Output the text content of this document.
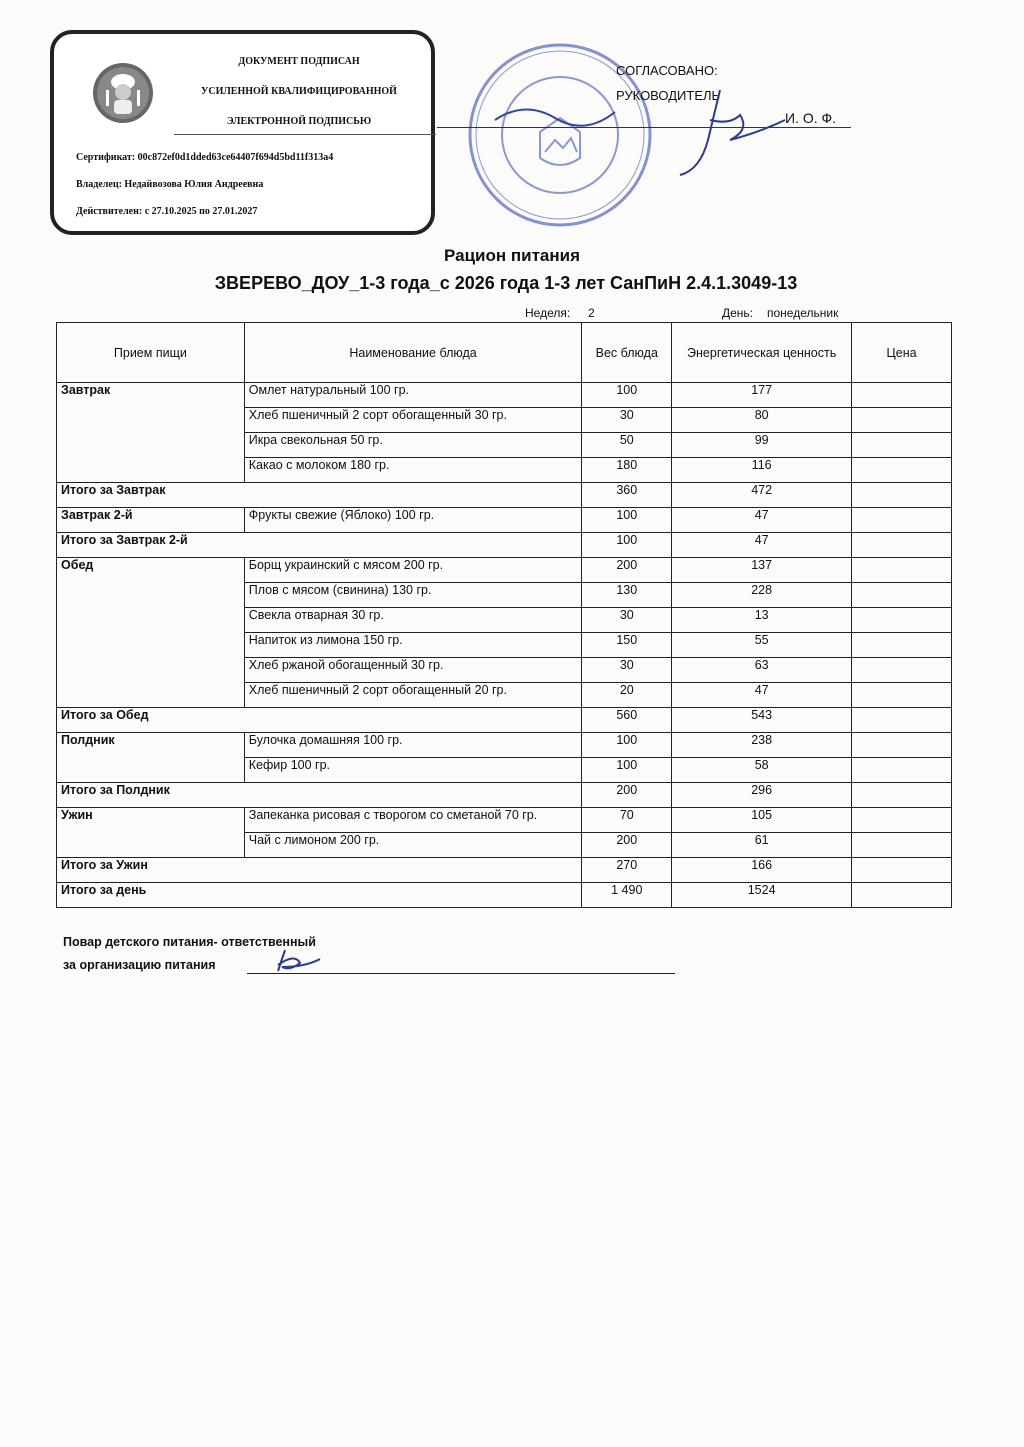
ДОКУМЕНТ ПОДПИСАН
УСИЛЕННОЙ КВАЛИФИЦИРОВАННОЙ
ЭЛЕКТРОННОЙ ПОДПИСЬЮ
Сертификат: 00c872ef0d1dded63ce64407f694d5bd11f313a4
Владелец: Недайвозова Юлия Андреевна
Действителен: с 27.10.2025 по 27.01.2027
СОГЛАСОВАНО:
РУКОВОДИТЕЛЬ
И. О. Ф.
Рацион питания
ЗВЕРЕВО_ДОУ_1-3 года_с 2026 года 1-3 лет СанПиН 2.4.1.3049-13
Неделя: 2	День: понедельник
Прием пищи	Наименование блюда	Вес блюда	Энергетическая ценность	Цена
Завтрак	Омлет натуральный 100 гр.	100	177	
	Хлеб пшеничный 2 сорт обогащенный 30 гр.	30	80	
	Икра свекольная 50 гр.	50	99	
	Какао с молоком 180 гр.	180	116	
Итого за Завтрак		360	472	
Завтрак 2-й	Фрукты свежие (Яблоко) 100 гр.	100	47	
Итого за Завтрак 2-й		100	47	
Обед	Борщ украинский с мясом 200 гр.	200	137	
	Плов с мясом (свинина) 130 гр.	130	228	
	Свекла отварная 30 гр.	30	13	
	Напиток из лимона 150 гр.	150	55	
	Хлеб ржаной обогащенный 30 гр.	30	63	
	Хлеб пшеничный 2 сорт обогащенный 20 гр.	20	47	
Итого за Обед		560	543	
Полдник	Булочка домашняя 100 гр.	100	238	
	Кефир 100 гр.	100	58	
Итого за Полдник		200	296	
Ужин	Запеканка рисовая с творогом со сметаной 70 гр.	70	105	
	Чай с лимоном 200 гр.	200	61	
Итого за Ужин		270	166	
Итого за день		1 490	1524	
Повар детского питания- ответственный
за организацию питания
